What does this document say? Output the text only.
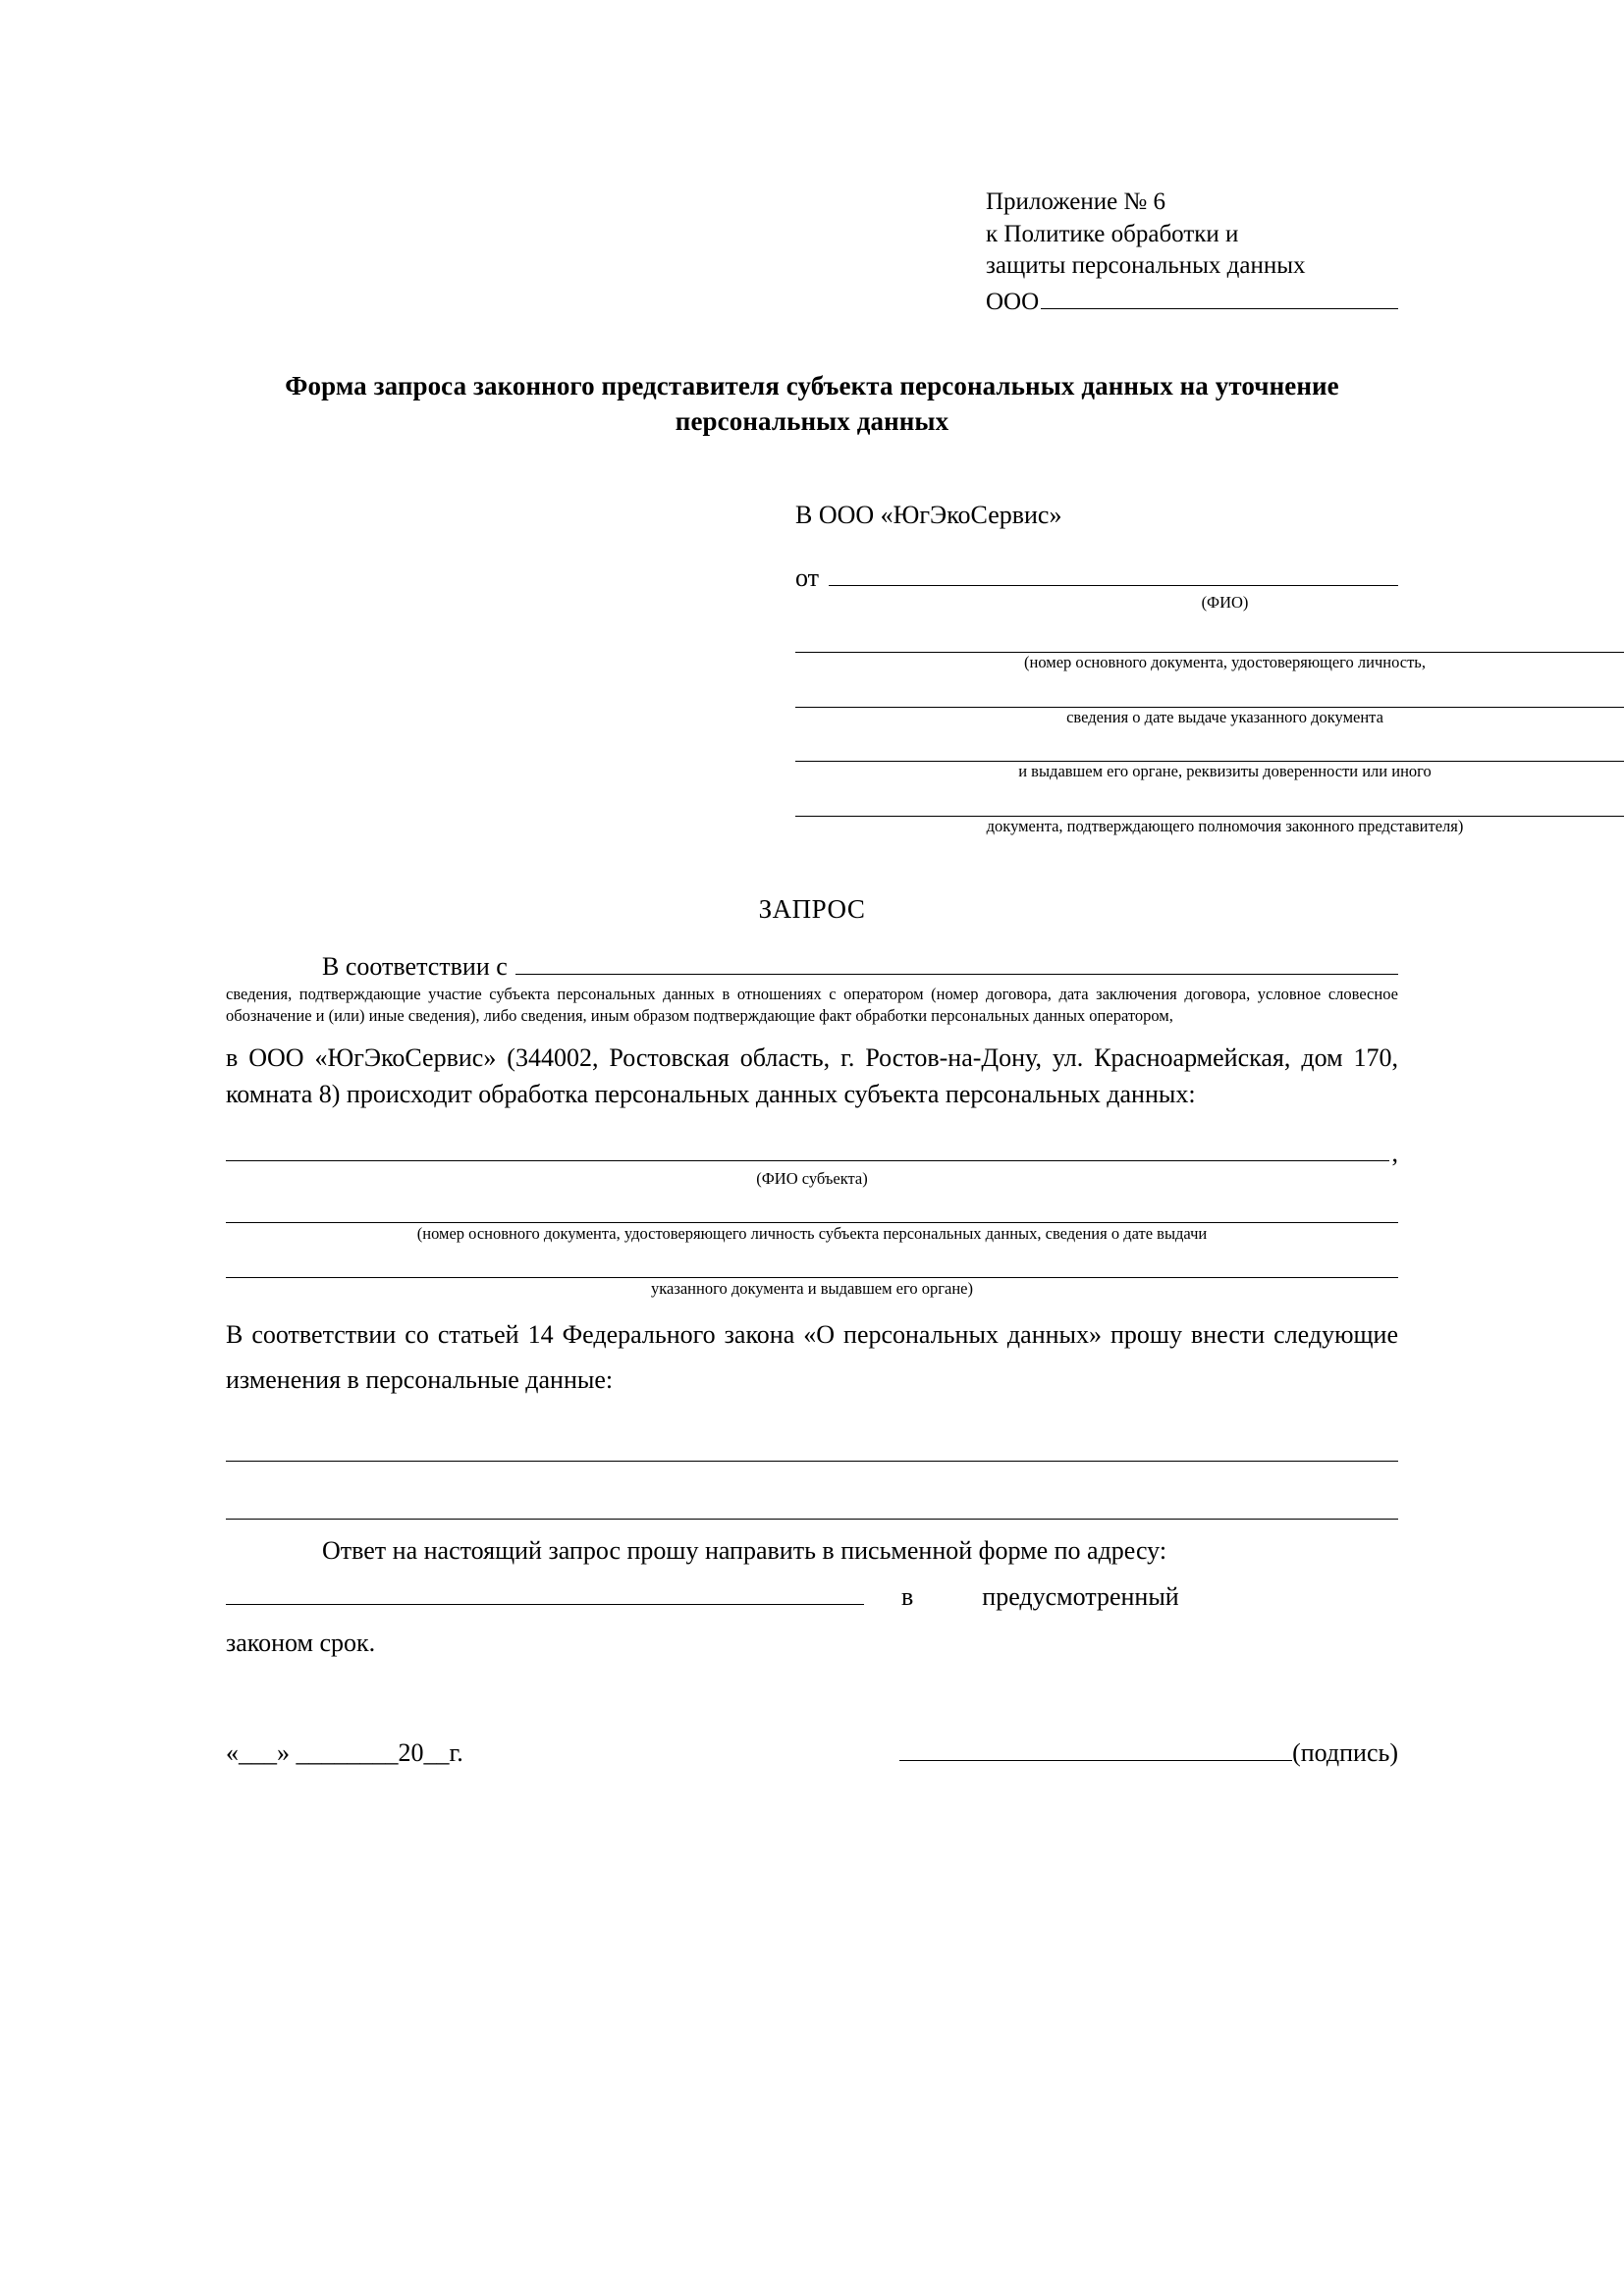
Приложение № 6
к Политике обработки и
защиты персональных данных
ООО
Форма запроса законного представителя субъекта персональных данных на уточнение персональных данных
В ООО «ЮгЭкоСервис»
от
(ФИО)
(номер основного документа, удостоверяющего личность,
сведения о дате выдаче указанного документа
и выдавшем его органе, реквизиты доверенности или иного
документа, подтверждающего полномочия законного представителя)
ЗАПРОС
В соответствии с
сведения, подтверждающие участие субъекта персональных данных в отношениях с оператором (номер договора, дата заключения договора, условное словесное обозначение и (или) иные сведения), либо сведения, иным образом подтверждающие факт обработки персональных данных оператором,
в ООО «ЮгЭкоСервис» (344002, Ростовская область, г. Ростов-на-Дону, ул. Красноармейская, дом 170, комната 8) происходит обработка персональных данных субъекта персональных данных:
,
(ФИО субъекта)
(номер основного документа, удостоверяющего личность субъекта персональных данных, сведения о дате выдачи
указанного документа и выдавшем его органе)
В соответствии со статьей 14 Федерального закона «О персональных данных» прошу внести следующие изменения в персональные данные:
Ответ на настоящий запрос прошу направить в письменной форме по адресу:
в	предусмотренный
законом срок.
«___» ________20__г.	(подпись)
